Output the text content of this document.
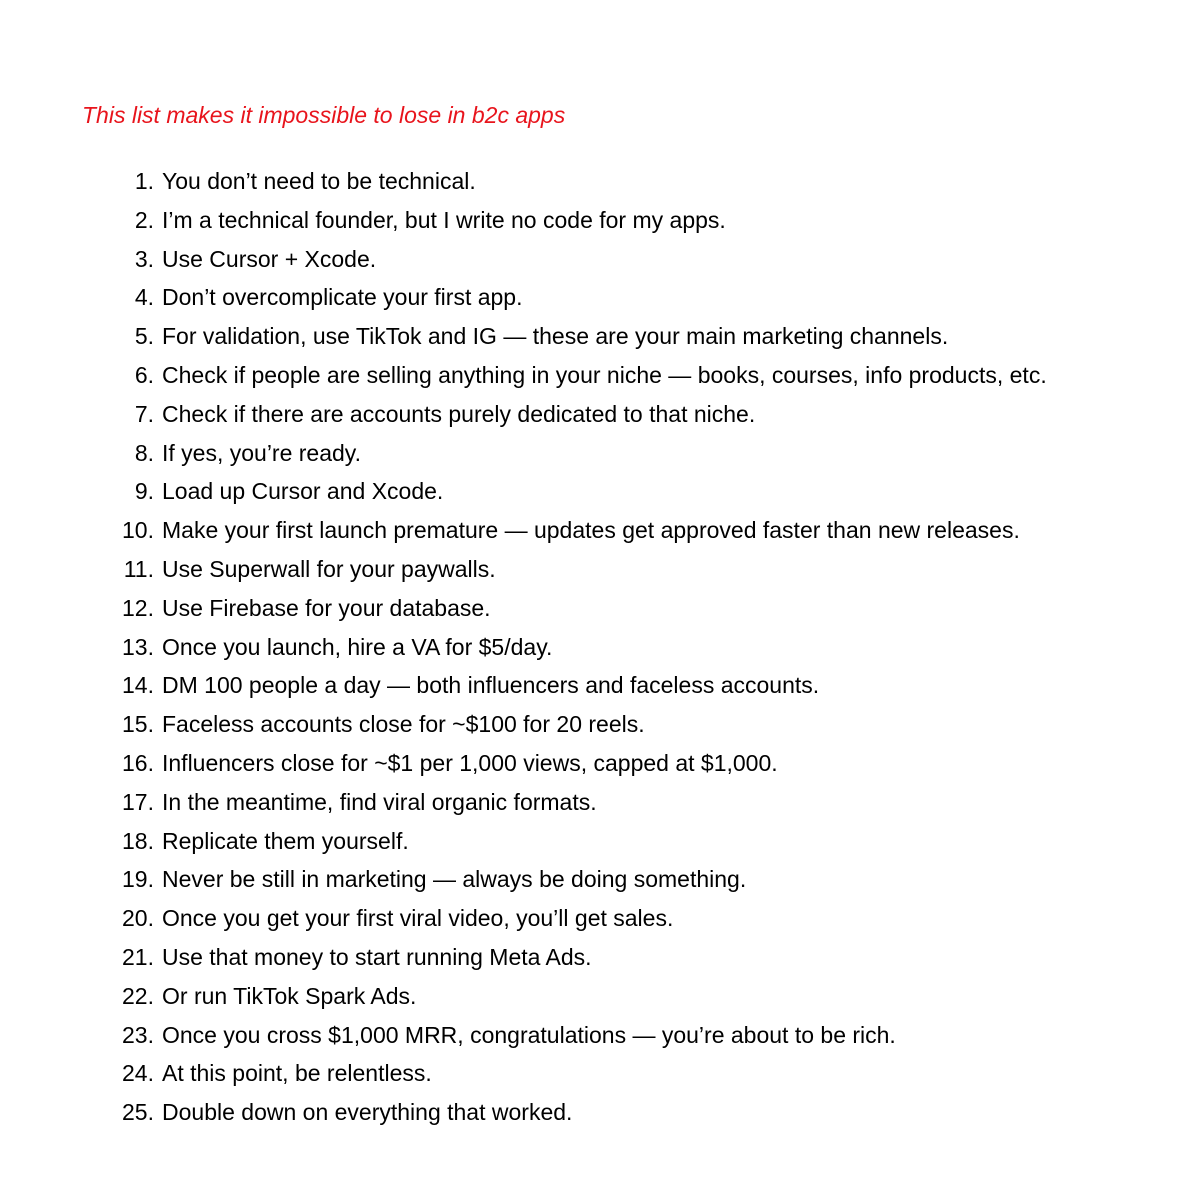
This list makes it impossible to lose in b2c apps
1. You don’t need to be technical.
2. I’m a technical founder, but I write no code for my apps.
3. Use Cursor + Xcode.
4. Don’t overcomplicate your first app.
5. For validation, use TikTok and IG — these are your main marketing channels.
6. Check if people are selling anything in your niche — books, courses, info products, etc.
7. Check if there are accounts purely dedicated to that niche.
8. If yes, you’re ready.
9. Load up Cursor and Xcode.
10. Make your first launch premature — updates get approved faster than new releases.
11. Use Superwall for your paywalls.
12. Use Firebase for your database.
13. Once you launch, hire a VA for $5/day.
14. DM 100 people a day — both influencers and faceless accounts.
15. Faceless accounts close for ~$100 for 20 reels.
16. Influencers close for ~$1 per 1,000 views, capped at $1,000.
17. In the meantime, find viral organic formats.
18. Replicate them yourself.
19. Never be still in marketing — always be doing something.
20. Once you get your first viral video, you’ll get sales.
21. Use that money to start running Meta Ads.
22. Or run TikTok Spark Ads.
23. Once you cross $1,000 MRR, congratulations — you’re about to be rich.
24. At this point, be relentless.
25. Double down on everything that worked.
